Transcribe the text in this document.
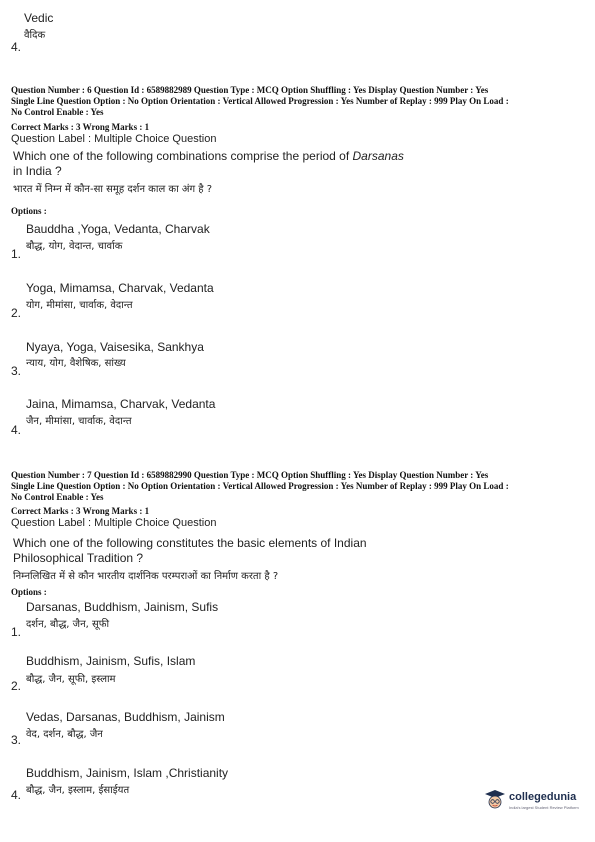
Vedic
वैदिक
4.
Question Number : 6 Question Id : 6589882989 Question Type : MCQ Option Shuffling : Yes Display Question Number : Yes
Single Line Question Option : No Option Orientation : Vertical Allowed Progression : Yes Number of Replay : 999 Play On Load :
No Control Enable : Yes
Correct Marks : 3 Wrong Marks : 1
Question Label : Multiple Choice Question
Which one of the following combinations comprise the period of Darsanas
in India ?
भारत में निम्न में कौन-सा समूह दर्शन काल का अंग है ?
Options :
Bauddha ,Yoga, Vedanta, Charvak
बौद्ध, योग, वेदान्त, चार्वाक
1.
Yoga, Mimamsa, Charvak, Vedanta
योग, मीमांसा, चार्वाक, वेदान्त
2.
Nyaya, Yoga, Vaisesika, Sankhya
न्याय, योग, वैशेषिक, सांख्य
3.
Jaina, Mimamsa, Charvak, Vedanta
जैन, मीमांसा, चार्वाक, वेदान्त
4.
Question Number : 7 Question Id : 6589882990 Question Type : MCQ Option Shuffling : Yes Display Question Number : Yes
Single Line Question Option : No Option Orientation : Vertical Allowed Progression : Yes Number of Replay : 999 Play On Load :
No Control Enable : Yes
Correct Marks : 3 Wrong Marks : 1
Question Label : Multiple Choice Question
Which one of the following constitutes the basic elements of Indian
Philosophical Tradition ?
निम्नलिखित में से कौन भारतीय दार्शनिक परम्पराओं का निर्माण करता है ?
Options :
Darsanas, Buddhism, Jainism, Sufis
दर्शन, बौद्ध, जैन, सूफी
1.
Buddhism, Jainism, Sufis, Islam
बौद्ध, जैन, सूफी, इस्लाम
2.
Vedas, Darsanas, Buddhism, Jainism
वेद, दर्शन, बौद्ध, जैन
3.
Buddhism, Jainism, Islam ,Christianity
बौद्ध, जैन, इस्लाम, ईसाईयत
4.	collegedunia
India's largest Student Review Platform
